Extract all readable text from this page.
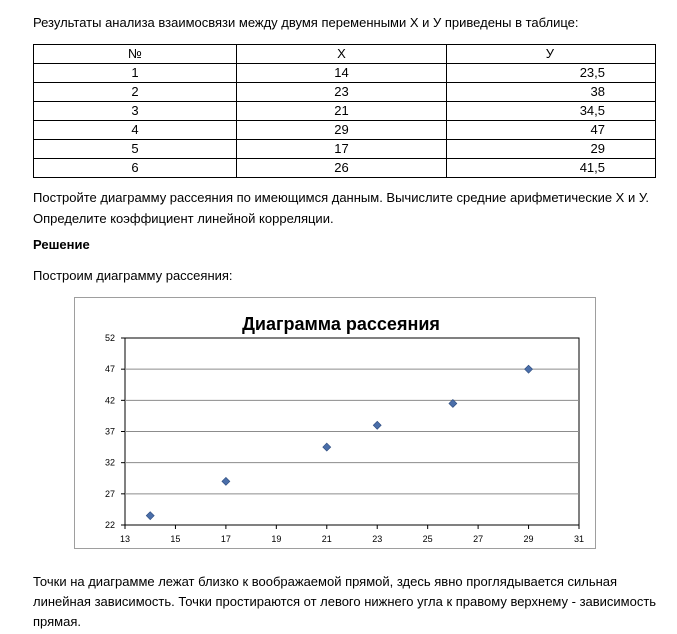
Результаты анализа взаимосвязи между двумя переменными Х и У приведены в таблице:
№	Х	У
1	14	23,5
2	23	38
3	21	34,5
4	29	47
5	17	29
6	26	41,5
Постройте диаграмму рассеяния по имеющимся данным. Вычислите средние арифметические Х и У. Определите коэффициент линейной корреляции.
Решение
Построим диаграмму рассеяния:
Диаграмма рассеяния
22
27
32
37
42
47
52
13	15	17	19	21	23	25	27	29	31
Точки на диаграмме лежат близко к воображаемой прямой, здесь явно проглядывается сильная линейная зависимость. Точки простираются от левого нижнего угла к правому верхнему - зависимость прямая.
